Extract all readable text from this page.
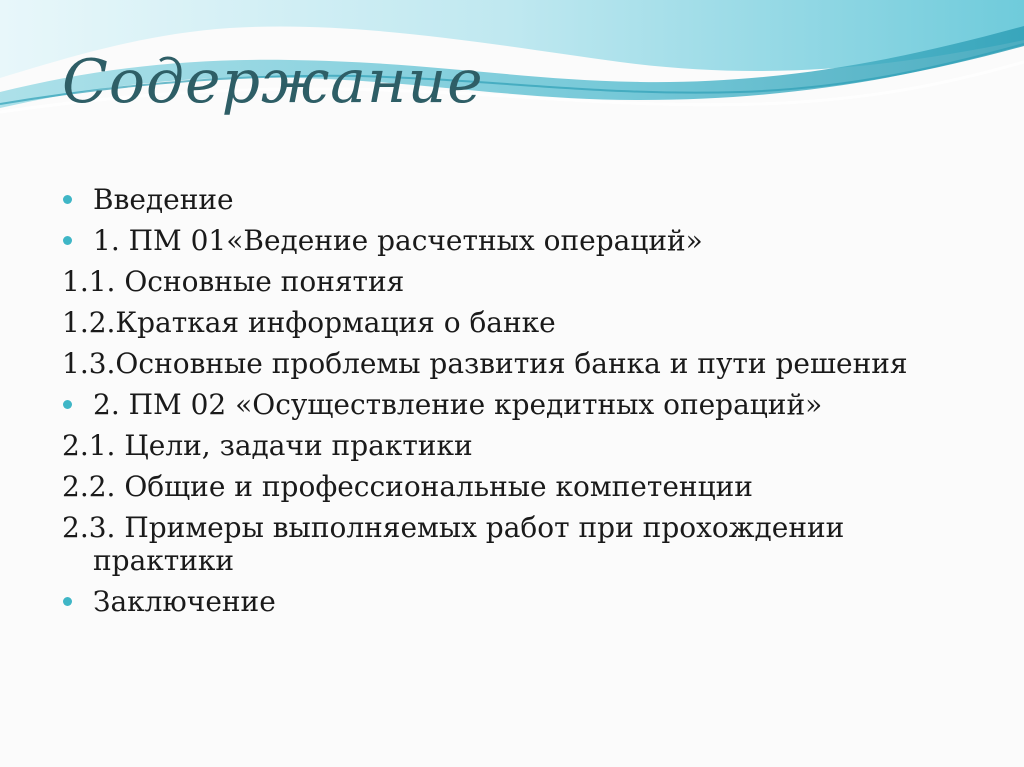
Содержание
Введение
1. ПМ 01«Ведение расчетных операций»
1.1. Основные понятия
1.2.Краткая информация о банке
1.3.Основные проблемы развития банка и пути решения
2. ПМ 02 «Осуществление кредитных операций»
2.1. Цели, задачи практики
2.2. Общие и профессиональные компетенции
2.3. Примеры выполняемых работ при прохождении практики
Заключение
